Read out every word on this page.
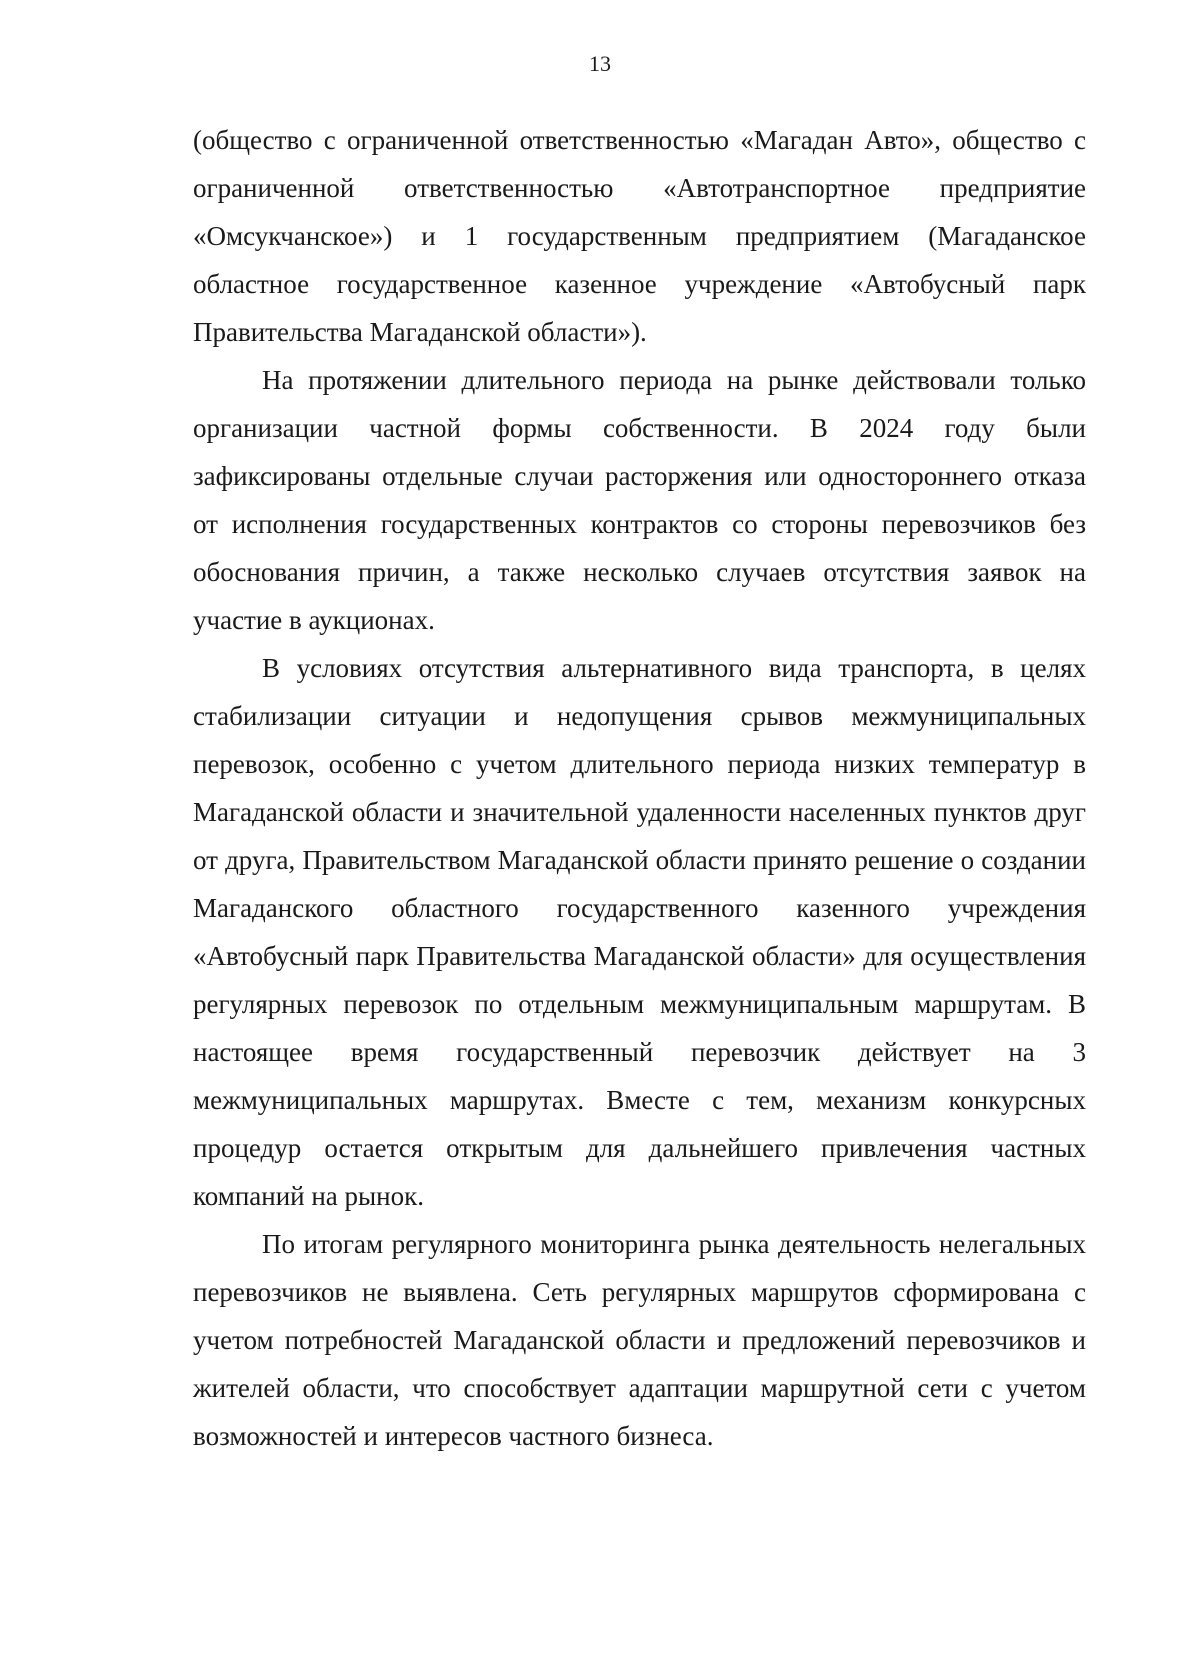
13

(общество с ограниченной ответственностью «Магадан Авто», общество с ограниченной ответственностью «Автотранспортное предприятие «Омсукчанское») и 1 государственным предприятием (Магаданское областное государственное казенное учреждение «Автобусный парк Правительства Магаданской области»).

На протяжении длительного периода на рынке действовали только организации частной формы собственности. В 2024 году были зафиксированы отдельные случаи расторжения или одностороннего отказа от исполнения государственных контрактов со стороны перевозчиков без обоснования причин, а также несколько случаев отсутствия заявок на участие в аукционах.

В условиях отсутствия альтернативного вида транспорта, в целях стабилизации ситуации и недопущения срывов межмуниципальных перевозок, особенно с учетом длительного периода низких температур в Магаданской области и значительной удаленности населенных пунктов друг от друга, Правительством Магаданской области принято решение о создании Магаданского областного государственного казенного учреждения «Автобусный парк Правительства Магаданской области» для осуществления регулярных перевозок по отдельным межмуниципальным маршрутам. В настоящее время государственный перевозчик действует на 3 межмуниципальных маршрутах. Вместе с тем, механизм конкурсных процедур остается открытым для дальнейшего привлечения частных компаний на рынок.

По итогам регулярного мониторинга рынка деятельность нелегальных перевозчиков не выявлена. Сеть регулярных маршрутов сформирована с учетом потребностей Магаданской области и предложений перевозчиков и жителей области, что способствует адаптации маршрутной сети с учетом возможностей и интересов частного бизнеса.
